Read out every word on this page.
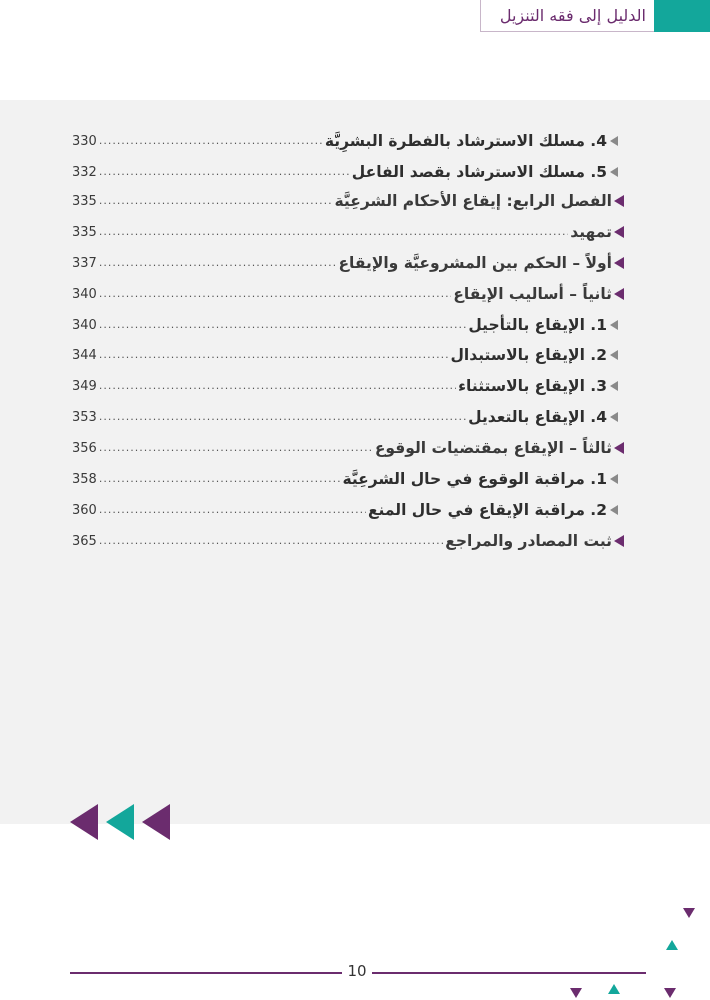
الدليل إلى فقه التنزيل
4. مسلك الاسترشاد بالفطرة البشرِيَّة
.....
330
5. مسلك الاسترشاد بقصد الفاعل
.....
332
الفصل الرابع: إيقاع الأحكام الشرعِيَّة
.....
335
تمهيد
.....
335
أولاً – الحكم بين المشروعيَّة والإيقاع
.....
337
ثانياً – أساليب الإيقاع
.....
340
1. الإيقاع بالتأجيل
.....
340
2. الإيقاع بالاستبدال
.....
344
3. الإيقاع بالاستثناء
.....
349
4. الإيقاع بالتعديل
.....
353
ثالثاً – الإيقاع بمقتضيات الوقوع
.....
356
1. مراقبة الوقوع في حال الشرعِيَّة
.....
358
2. مراقبة الإيقاع في حال المنع
.....
360
ثبت المصادر والمراجع
.....
365
10
